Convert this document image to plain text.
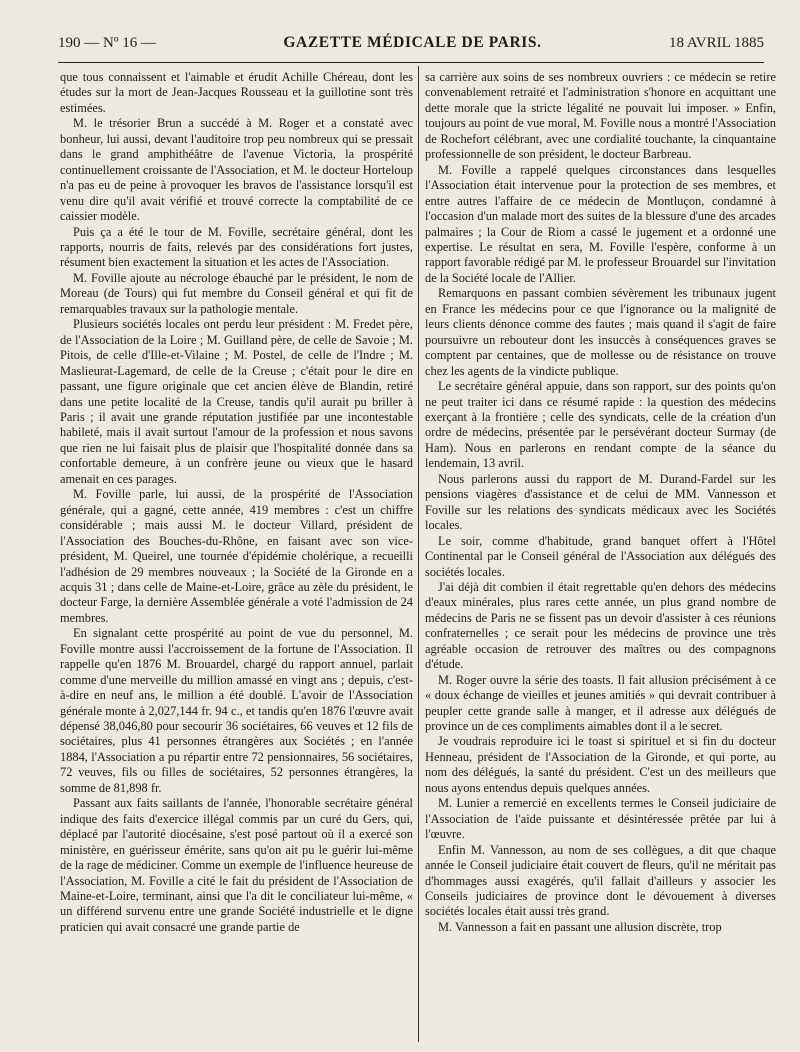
190 — Nº 16 —	GAZETTE MÉDICALE DE PARIS.	18 AVRIL 1885

que tous connaissent et l'aimable et érudit Achille Chéreau, dont les études sur la mort de Jean-Jacques Rousseau et la guillotine sont très estimées.

M. le trésorier Brun a succédé à M. Roger et a constaté avec bonheur, lui aussi, devant l'auditoire trop peu nombreux qui se pressait dans le grand amphithéâtre de l'avenue Victoria, la prospérité continuellement croissante de l'Association, et M. le docteur Horteloup n'a pas eu de peine à provoquer les bravos de l'assistance lorsqu'il est venu dire qu'il avait vérifié et trouvé correcte la comptabilité de ce caissier modèle.

Puis ça a été le tour de M. Foville, secrétaire général, dont les rapports, nourris de faits, relevés par des considérations fort justes, résument bien exactement la situation et les actes de l'Association.

M. Foville ajoute au nécrologe ébauché par le président, le nom de Moreau (de Tours) qui fut membre du Conseil général et qui fit de remarquables travaux sur la pathologie mentale.

Plusieurs sociétés locales ont perdu leur président : M. Fredet père, de l'Association de la Loire ; M. Guilland père, de celle de Savoie ; M. Pitois, de celle d'Ille-et-Vilaine ; M. Postel, de celle de l'Indre ; M. Maslieurat-Lagemard, de celle de la Creuse ; c'était pour le dire en passant, une figure originale que cet ancien élève de Blandin, retiré dans une petite localité de la Creuse, tandis qu'il aurait pu briller à Paris ; il avait une grande réputation justifiée par une incontestable habileté, mais il avait surtout l'amour de la profession et nous savons que rien ne lui faisait plus de plaisir que l'hospitalité donnée dans sa confortable demeure, à un confrère jeune ou vieux que le hasard amenait en ces parages.

M. Foville parle, lui aussi, de la prospérité de l'Association générale, qui a gagné, cette année, 419 membres : c'est un chiffre considérable ; mais aussi M. le docteur Villard, président de l'Association des Bouches-du-Rhône, en faisant avec son vice-président, M. Queirel, une tournée d'épidémie cholérique, a recueilli l'adhésion de 29 membres nouveaux ; la Société de la Gironde en a acquis 31 ; dans celle de Maine-et-Loire, grâce au zèle du président, le docteur Farge, la dernière Assemblée générale a voté l'admission de 24 membres.

En signalant cette prospérité au point de vue du personnel, M. Foville montre aussi l'accroissement de la fortune de l'Association. Il rappelle qu'en 1876 M. Brouardel, chargé du rapport annuel, parlait comme d'une merveille du million amassé en vingt ans ; depuis, c'est-à-dire en neuf ans, le million a été doublé. L'avoir de l'Association générale monte à 2,027,144 fr. 94 c., et tandis qu'en 1876 l'œuvre avait dépensé 38,046,80 pour secourir 36 sociétaires, 66 veuves et 12 fils de sociétaires, plus 41 personnes étrangères aux Sociétés ; en l'année 1884, l'Association a pu répartir entre 72 pensionnaires, 56 sociétaires, 72 veuves, fils ou filles de sociétaires, 52 personnes étrangères, la somme de 81,898 fr.

Passant aux faits saillants de l'année, l'honorable secrétaire général indique des faits d'exercice illégal commis par un curé du Gers, qui, déplacé par l'autorité diocésaine, s'est posé partout où il a exercé son ministère, en guérisseur émérite, sans qu'on ait pu le guérir lui-même de la rage de médiciner. Comme un exemple de l'influence heureuse de l'Association, M. Foville a cité le fait du président de l'Association de Maine-et-Loire, terminant, ainsi que l'a dit le conciliateur lui-même, « un différend survenu entre une grande Société industrielle et le digne praticien qui avait consacré une grande partie de

sa carrière aux soins de ses nombreux ouvriers : ce médecin se retire convenablement retraité et l'administration s'honore en acquittant une dette morale que la stricte légalité ne pouvait lui imposer. » Enfin, toujours au point de vue moral, M. Foville nous a montré l'Association de Rochefort célébrant, avec une cordialité touchante, la cinquantaine professionnelle de son président, le docteur Barbreau.

M. Foville a rappelé quelques circonstances dans lesquelles l'Association était intervenue pour la protection de ses membres, et entre autres l'affaire de ce médecin de Montluçon, condamné à l'occasion d'un malade mort des suites de la blessure d'une des arcades palmaires ; la Cour de Riom a cassé le jugement et a ordonné une expertise. Le résultat en sera, M. Foville l'espère, conforme à un rapport favorable rédigé par M. le professeur Brouardel sur l'invitation de la Société locale de l'Allier.

Remarquons en passant combien sévèrement les tribunaux jugent en France les médecins pour ce que l'ignorance ou la malignité de leurs clients dénonce comme des fautes ; mais quand il s'agit de faire poursuivre un rebouteur dont les insuccès à conséquences graves se comptent par centaines, que de mollesse ou de résistance on trouve chez les agents de la vindicte publique.

Le secrétaire général appuie, dans son rapport, sur des points qu'on ne peut traiter ici dans ce résumé rapide : la question des médecins exerçant à la frontière ; celle des syndicats, celle de la création d'un ordre de médecins, présentée par le persévérant docteur Surmay (de Ham). Nous en parlerons en rendant compte de la séance du lendemain, 13 avril.

Nous parlerons aussi du rapport de M. Durand-Fardel sur les pensions viagères d'assistance et de celui de MM. Vannesson et Foville sur les relations des syndicats médicaux avec les Sociétés locales.

Le soir, comme d'habitude, grand banquet offert à l'Hôtel Continental par le Conseil général de l'Association aux délégués des sociétés locales.

J'ai déjà dit combien il était regrettable qu'en dehors des médecins d'eaux minérales, plus rares cette année, un plus grand nombre de médecins de Paris ne se fissent pas un devoir d'assister à ces réunions confraternelles ; ce serait pour les médecins de province une très agréable occasion de retrouver des maîtres ou des compagnons d'étude.

M. Roger ouvre la série des toasts. Il fait allusion précisément à ce « doux échange de vieilles et jeunes amitiés » qui devrait contribuer à peupler cette grande salle à manger, et il adresse aux délégués de province un de ces compliments aimables dont il a le secret.

Je voudrais reproduire ici le toast si spirituel et si fin du docteur Henneau, président de l'Association de la Gironde, et qui porte, au nom des délégués, la santé du président. C'est un des meilleurs que nous ayons entendus depuis quelques années.

M. Lunier a remercié en excellents termes le Conseil judiciaire de l'Association de l'aide puissante et désintéressée prêtée par lui à l'œuvre.

Enfin M. Vannesson, au nom de ses collègues, a dit que chaque année le Conseil judiciaire était couvert de fleurs, qu'il ne méritait pas d'hommages aussi exagérés, qu'il fallait d'ailleurs y associer les Conseils judiciaires de province dont le dévouement à diverses sociétés locales était aussi très grand.

M. Vannesson a fait en passant une allusion discrète, trop
